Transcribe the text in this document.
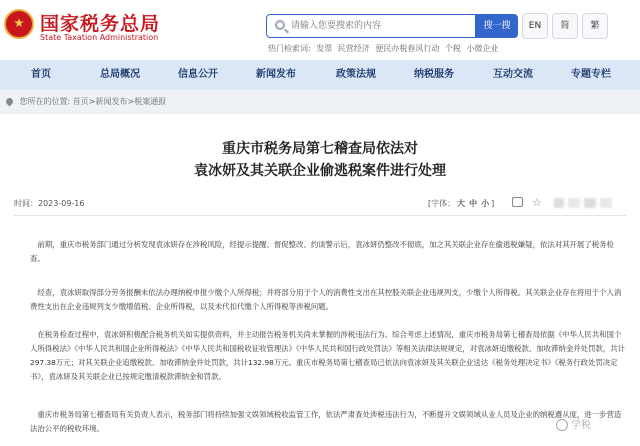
国家税务总局
State Taxation Administration
请输入您要搜索的内容
搜一搜	EN	简	繁
热门检索词: 发票 民营经济 便民办税春风行动 个税 小微企业
首页	总局概况	信息公开	新闻发布	政策法规	纳税服务	互动交流	专题专栏
您所在的位置: 首页>新闻发布>税案通报
重庆市税务局第七稽查局依法对
袁冰妍及其关联企业偷逃税案件进行处理
时间：2023-09-16	[字体： 大 中 小 ]	☆

前期，重庆市税务部门通过分析发现袁冰妍存在涉税风险，经提示提醒、督促整改、约谈警示后，袁冰妍仍整改不彻底，加之其关联企业存在偷逃税嫌疑，依法对其开展了税务检查。

经查，袁冰妍取得部分劳务报酬未依法办理纳税申报少缴个人所得税；并将部分用于个人的消费性支出在其控股关联企业违规列支，少缴个人所得税。其关联企业存在将用于个人消费性支出在企业违规列支少缴增值税、企业所得税，以及未代扣代缴个人所得税等涉税问题。

在税务检查过程中，袁冰妍积极配合税务机关如实提供资料，并主动报告税务机关尚未掌握的涉税违法行为。综合考虑上述情况，重庆市税务局第七稽查局依据《中华人民共和国个人所得税法》《中华人民共和国企业所得税法》《中华人民共和国税收征收管理法》《中华人民共和国行政处罚法》等相关法律法规规定，对袁冰妍追缴税款、加收滞纳金并处罚款，共计297.38万元；对其关联企业追缴税款、加收滞纳金并处罚款，共计132.98万元。重庆市税务局第七稽查局已依法向袁冰妍及其关联企业送达《税务处理决定书》《税务行政处罚决定书》，袁冰妍及其关联企业已按规定缴清税款滞纳金和罚款。

重庆市税务局第七稽查局有关负责人表示，税务部门将持续加强文娱领域税收监管工作，依法严肃查处涉税违法行为，不断提升文娱领域从业人员及企业的纳税遵从度，进一步营造法治公平的税收环境。	学税
